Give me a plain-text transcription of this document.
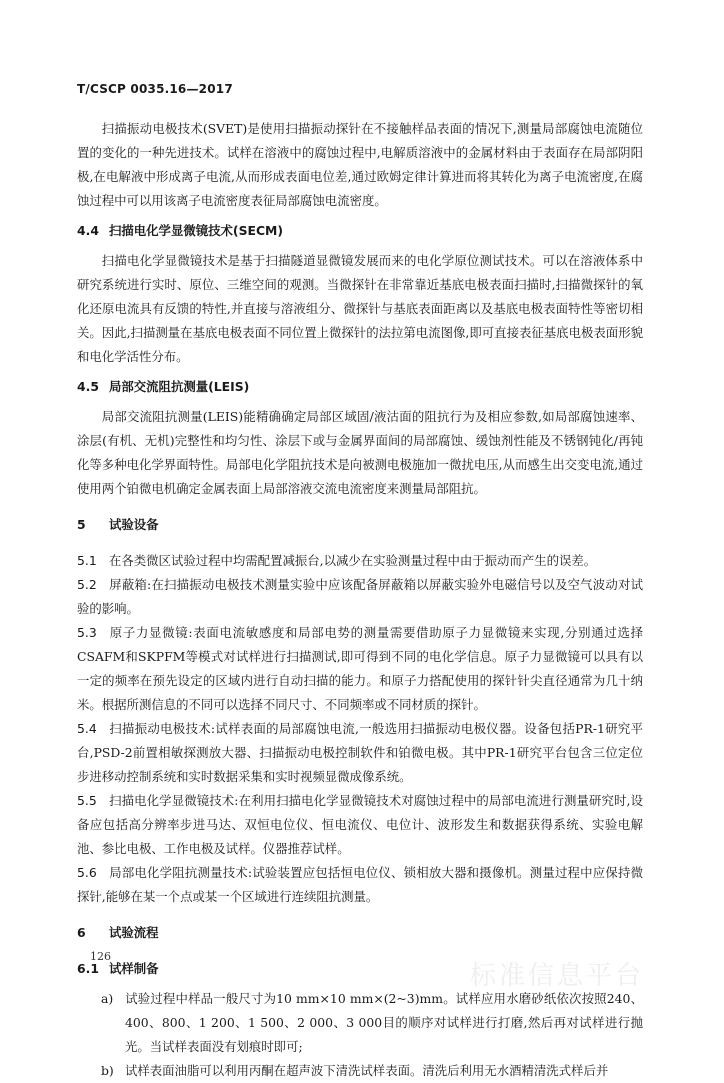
T/CSCP 0035.16—2017

扫描振动电极技术(SVET)是使用扫描振动探针在不接触样品表面的情况下,测量局部腐蚀电流随位置的变化的一种先进技术。试样在溶液中的腐蚀过程中,电解质溶液中的金属材料由于表面存在局部阴阳极,在电解液中形成离子电流,从而形成表面电位差,通过欧姆定律计算进而将其转化为离子电流密度,在腐蚀过程中可以用该离子电流密度表征局部腐蚀电流密度。

4.4 扫描电化学显微镜技术(SECM)

扫描电化学显微镜技术是基于扫描隧道显微镜发展而来的电化学原位测试技术。可以在溶液体系中研究系统进行实时、原位、三维空间的观测。当微探针在非常靠近基底电极表面扫描时,扫描微探针的氧化还原电流具有反馈的特性,并直接与溶液组分、微探针与基底表面距离以及基底电极表面特性等密切相关。因此,扫描测量在基底电极表面不同位置上微探针的法拉第电流图像,即可直接表征基底电极表面形貌和电化学活性分布。

4.5 局部交流阻抗测量(LEIS)

局部交流阻抗测量(LEIS)能精确确定局部区域固/液沽面的阻抗行为及相应参数,如局部腐蚀速率、涂层(有机、无机)完整性和均匀性、涂层下或与金属界面间的局部腐蚀、缓蚀剂性能及不锈钢钝化/再钝化等多种电化学界面特性。局部电化学阻抗技术是向被测电极施加一微扰电压,从而感生出交变电流,通过使用两个铂微电机确定金属表面上局部溶液交流电流密度来测量局部阻抗。

5 试验设备

5.1 在各类微区试验过程中均需配置减振台,以减少在实验测量过程中由于振动而产生的误差。

5.2 屏蔽箱:在扫描振动电极技术测量实验中应该配备屏蔽箱以屏蔽实验外电磁信号以及空气波动对试验的影响。

5.3 原子力显微镜:表面电流敏感度和局部电势的测量需要借助原子力显微镜来实现,分别通过选择CSAFM和SKPFM等模式对试样进行扫描测试,即可得到不同的电化学信息。原子力显微镜可以具有以一定的频率在预先设定的区域内进行自动扫描的能力。和原子力搭配使用的探针针尖直径通常为几十纳米。根据所测信息的不同可以选择不同尺寸、不同频率或不同材质的探针。

5.4 扫描振动电极技术:试样表面的局部腐蚀电流,一般选用扫描振动电极仪器。设备包括PR-1研究平台,PSD-2前置相敏探测放大器、扫描振动电极控制软件和铂微电极。其中PR-1研究平台包含三位定位步进移动控制系统和实时数据采集和实时视频显微成像系统。

5.5 扫描电化学显微镜技术:在利用扫描电化学显微镜技术对腐蚀过程中的局部电流进行测量研究时,设备应包括高分辨率步进马达、双恒电位仪、恒电流仪、电位计、波形发生和数据获得系统、实验电解池、参比电极、工作电极及试样。仪器推荐试样。

5.6 局部电化学阻抗测量技术:试验装置应包括恒电位仪、锁相放大器和摄像机。测量过程中应保持微探针,能够在某一个点或某一个区域进行连续阻抗测量。

6 试验流程

6.1 试样制备

a) 试验过程中样品一般尺寸为10 mm×10 mm×(2~3)mm。试样应用水磨砂纸依次按照240、400、800、1 200、1 500、2 000、3 000目的顺序对试样进行打磨,然后再对试样进行抛光。当试样表面没有划痕时即可;

b) 试样表面油脂可以利用丙酮在超声波下清洗试样表面。清洗后利用无水酒精清洗式样后并

126
标准信息平台
